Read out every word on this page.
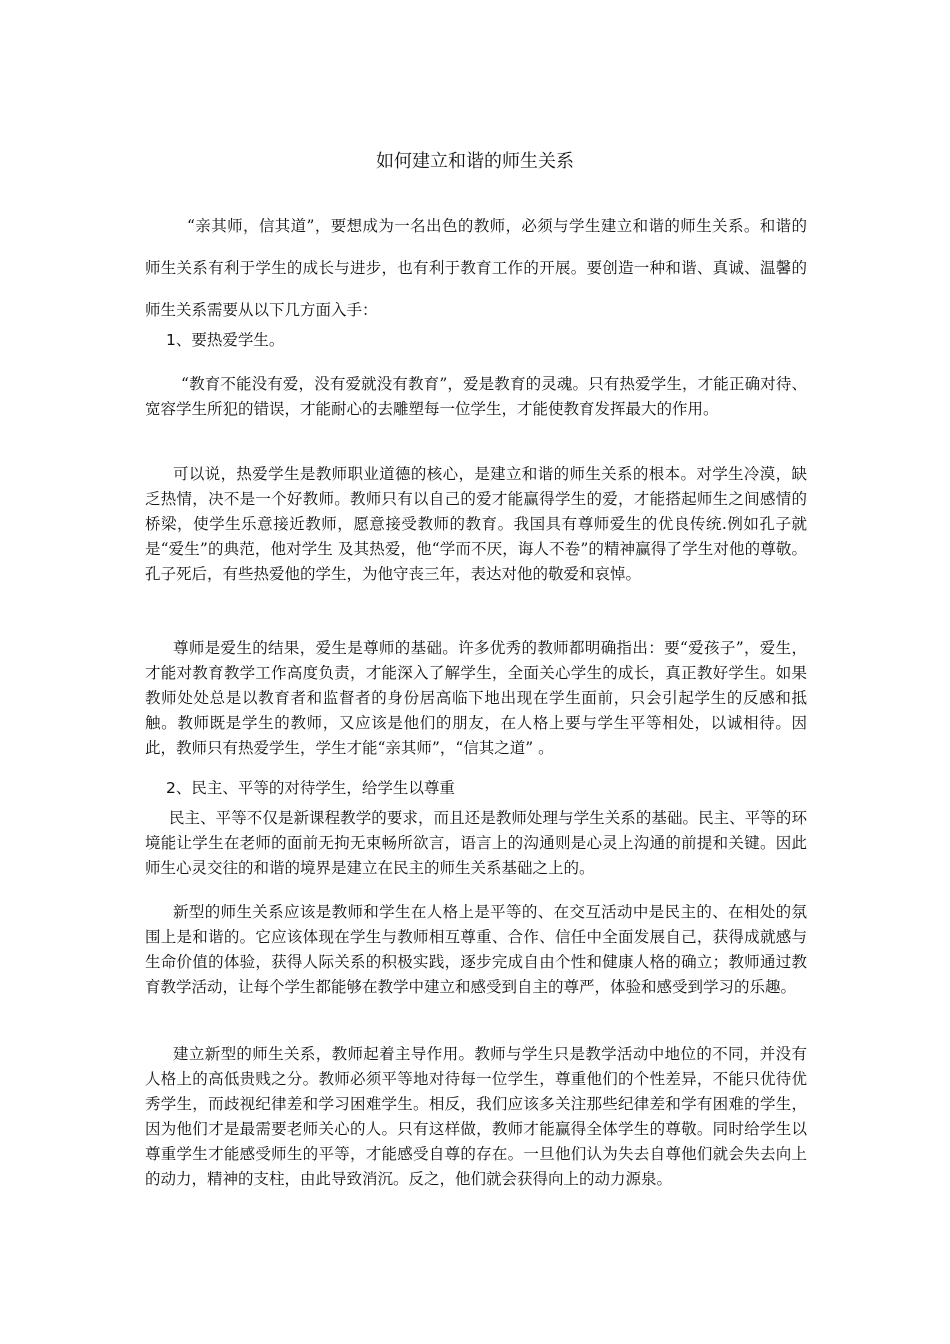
如何建立和谐的师生关系

“亲其师，信其道”，要想成为一名出色的教师，必须与学生建立和谐的师生关系。和谐的师生关系有利于学生的成长与进步，也有利于教育工作的开展。要创造一种和谐、真诚、温馨的师生关系需要从以下几方面入手：

1、要热爱学生。

“教育不能没有爱，没有爱就没有教育”，爱是教育的灵魂。只有热爱学生，才能正确对待、宽容学生所犯的错误，才能耐心的去雕塑每一位学生，才能使教育发挥最大的作用。

可以说，热爱学生是教师职业道德的核心，是建立和谐的师生关系的根本。对学生冷漠，缺乏热情，决不是一个好教师。教师只有以自己的爱才能赢得学生的爱，才能搭起师生之间感情的桥梁，使学生乐意接近教师，愿意接受教师的教育。我国具有尊师爱生的优良传统.例如孔子就是“爱生”的典范，他对学生 及其热爱，他“学而不厌，诲人不卷”的精神赢得了学生对他的尊敬。孔子死后，有些热爱他的学生，为他守丧三年，表达对他的敬爱和哀悼。

尊师是爱生的结果，爱生是尊师的基础。许多优秀的教师都明确指出：要“爱孩子”，爱生，才能对教育教学工作高度负责，才能深入了解学生，全面关心学生的成长，真正教好学生。如果教师处处总是以教育者和监督者的身份居高临下地出现在学生面前，只会引起学生的反感和抵触。教师既是学生的教师，又应该是他们的朋友，在人格上要与学生平等相处，以诚相待。因此，教师只有热爱学生，学生才能“亲其师”，“信其之道” 。

2、民主、平等的对待学生，给学生以尊重

民主、平等不仅是新课程教学的要求，而且还是教师处理与学生关系的基础。民主、平等的环境能让学生在老师的面前无拘无束畅所欲言，语言上的沟通则是心灵上沟通的前提和关键。因此师生心灵交往的和谐的境界是建立在民主的师生关系基础之上的。

新型的师生关系应该是教师和学生在人格上是平等的、在交互活动中是民主的、在相处的氛围上是和谐的。它应该体现在学生与教师相互尊重、合作、信任中全面发展自己，获得成就感与生命价值的体验，获得人际关系的积极实践，逐步完成自由个性和健康人格的确立；教师通过教育教学活动，让每个学生都能够在教学中建立和感受到自主的尊严，体验和感受到学习的乐趣。

建立新型的师生关系，教师起着主导作用。教师与学生只是教学活动中地位的不同，并没有人格上的高低贵贱之分。教师必须平等地对待每一位学生，尊重他们的个性差异，不能只优待优秀学生，而歧视纪律差和学习困难学生。相反，我们应该多关注那些纪律差和学有困难的学生，因为他们才是最需要老师关心的人。只有这样做，教师才能赢得全体学生的尊敬。同时给学生以尊重学生才能感受师生的平等，才能感受自尊的存在。一旦他们认为失去自尊他们就会失去向上的动力，精神的支柱，由此导致消沉。反之，他们就会获得向上的动力源泉。
